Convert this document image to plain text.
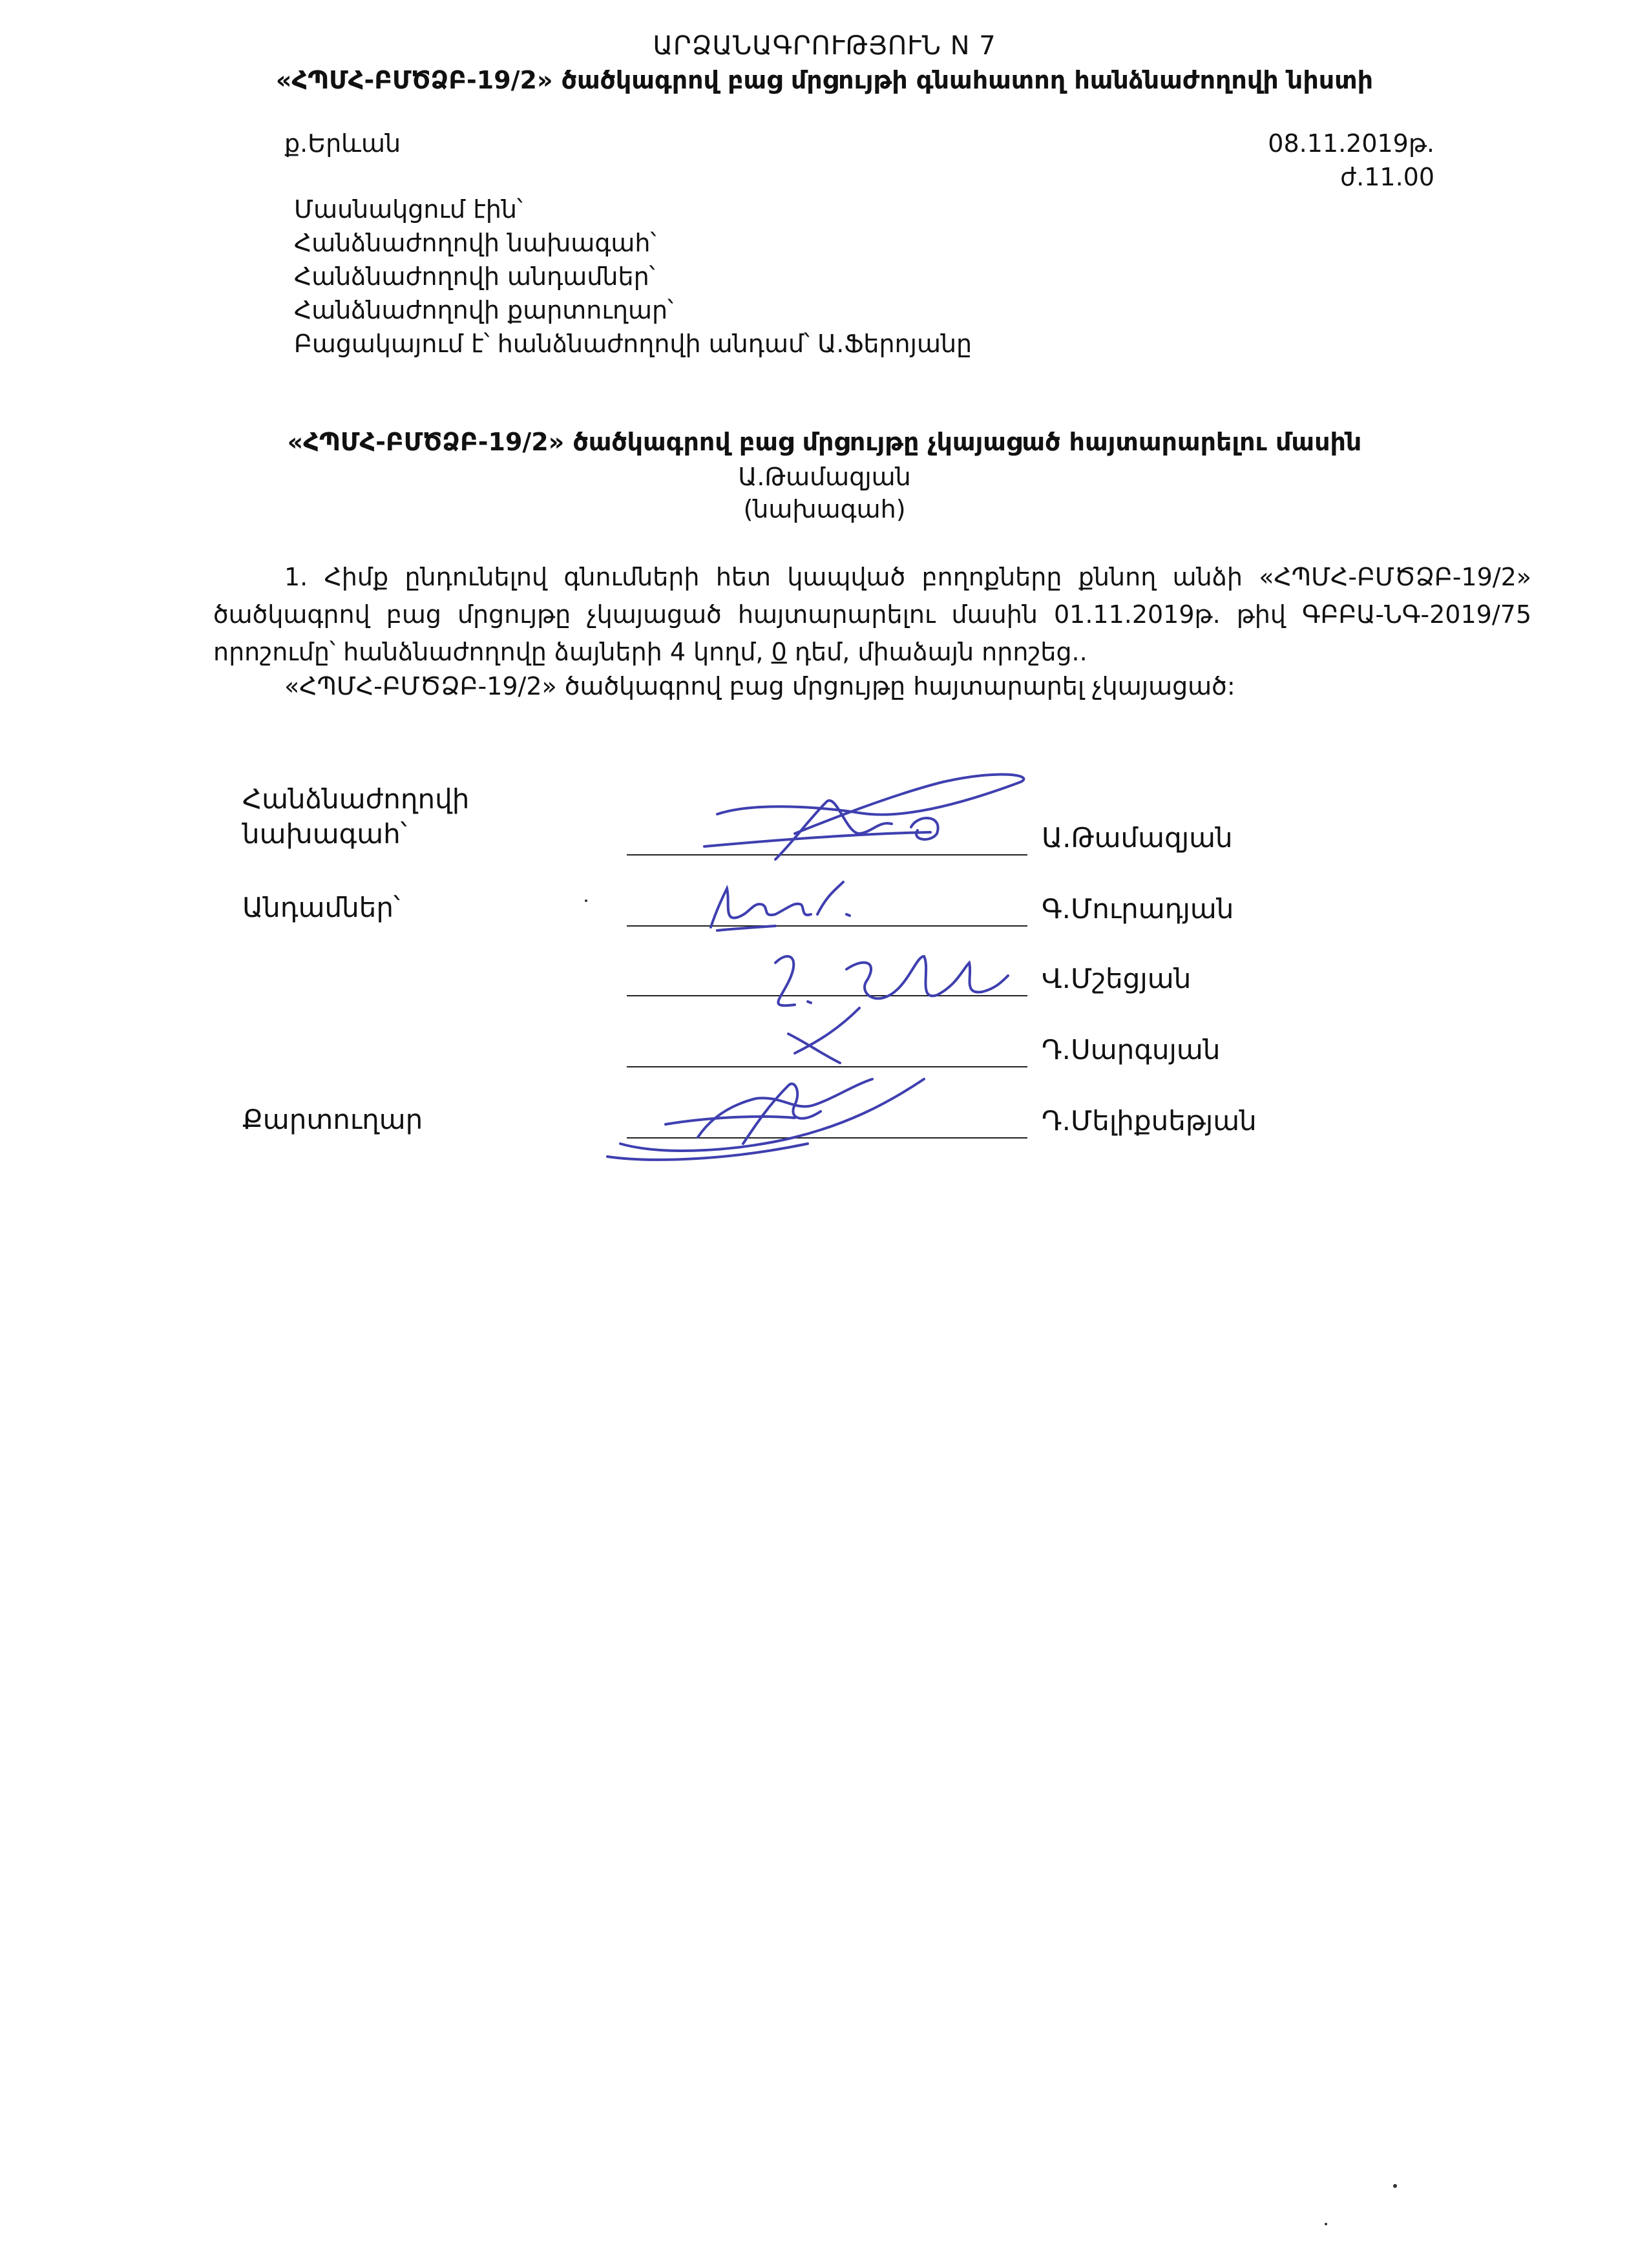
ԱՐՁԱՆԱԳՐՈՒԹՅՈՒՆ N 7
«ՀՊՄՀ-ԲՄԾՁԲ-19/2» ծածկագրով բաց մրցույթի գնահատող հանձնաժողովի նիստի
ք.Երևան	08.11.2019թ.
ժ.11.00
Մասնակցում էին՝
Հանձնաժողովի նախագահ՝
Հանձնաժողովի անդամներ՝
Հանձնաժողովի քարտուղար՝
Բացակայում է՝ հանձնաժողովի անդամ՝ Ա.Ֆերոյանը
«ՀՊՄՀ-ԲՄԾՁԲ-19/2» ծածկագրով բաց մրցույթը չկայացած հայտարարելու մասին
Ա.Թամազյան
(նախագահ)
1. Հիմք ընդունելով գնումների հետ կապված բողոքները քննող անձի «ՀՊՄՀ-ԲՄԾՁԲ-19/2» ծածկագրով բաց մրցույթը չկայացած հայտարարելու մասին 01.11.2019թ. թիվ ԳԲԲԱ-ՆԳ-2019/75 որոշումը՝ հանձնաժողովը ձայների 4 կողմ, 0 դեմ, միաձայն որոշեց..
«ՀՊՄՀ-ԲՄԾՁԲ-19/2» ծածկագրով բաց մրցույթը հայտարարել չկայացած:
Հանձնաժողովի
նախագահ՝	Ա.Թամազյան
Անդամներ՝	Գ.Մուրադյան
Վ.Մշեցյան
Դ.Սարգսյան
Քարտուղար	Դ.Մելիքսեթյան
